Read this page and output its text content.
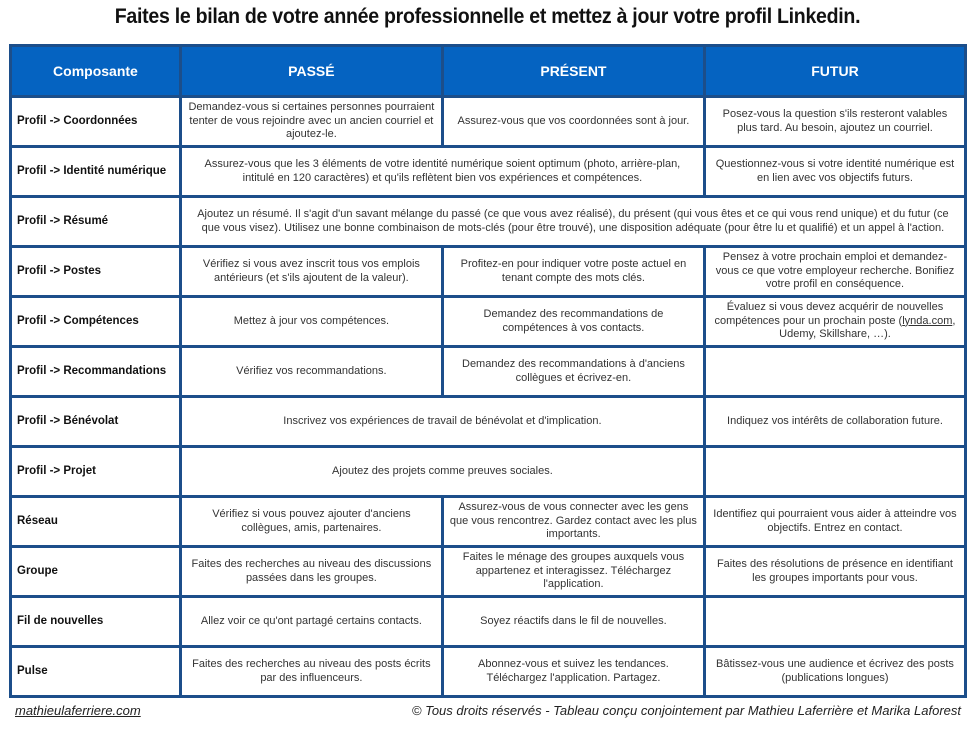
Faites le bilan de votre année professionnelle et mettez à jour votre profil Linkedin.
Composante	PASSÉ	PRÉSENT	FUTUR
Profil -> Coordonnées	Demandez-vous si certaines personnes pourraient tenter de vous rejoindre avec un ancien courriel et ajoutez-le.	Assurez-vous que vos coordonnées sont à jour.	Posez-vous la question s'ils resteront valables plus tard. Au besoin, ajoutez un courriel.
Profil -> Identité numérique	Assurez-vous que les 3 éléments de votre identité numérique soient optimum (photo, arrière-plan, intitulé en 120 caractères) et qu'ils reflètent bien vos expériences et compétences.		Questionnez-vous si votre identité numérique est en lien avec vos objectifs futurs.
Profil -> Résumé	Ajoutez un résumé. Il s'agit d'un savant mélange du passé (ce que vous avez réalisé), du présent (qui vous êtes et ce qui vous rend unique) et du futur (ce que vous visez). Utilisez une bonne combinaison de mots-clés (pour être trouvé), une disposition adéquate (pour être lu et qualifié) et un appel à l'action.		
Profil -> Postes	Vérifiez si vous avez inscrit tous vos emplois antérieurs (et s'ils ajoutent de la valeur).	Profitez-en pour indiquer votre poste actuel en tenant compte des mots clés.	Pensez à votre prochain emploi et demandez-vous ce que votre employeur recherche. Bonifiez votre profil en conséquence.
Profil -> Compétences	Mettez à jour vos compétences.	Demandez des recommandations de compétences à vos contacts.	Évaluez si vous devez acquérir de nouvelles compétences pour un prochain poste (lynda.com, Udemy, Skillshare, …).
Profil -> Recommandations	Vérifiez vos recommandations.	Demandez des recommandations à d'anciens collègues et écrivez-en.	
Profil -> Bénévolat	Inscrivez vos expériences de travail de bénévolat et d'implication.		Indiquez vos intérêts de collaboration future.
Profil -> Projet	Ajoutez des projets comme preuves sociales.		
Réseau	Vérifiez si vous pouvez ajouter d'anciens collègues, amis, partenaires.	Assurez-vous de vous connecter avec les gens que vous rencontrez. Gardez contact avec les plus importants.	Identifiez qui pourraient vous aider à atteindre vos objectifs. Entrez en contact.
Groupe	Faites des recherches au niveau des discussions passées dans les groupes.	Faites le ménage des groupes auxquels vous appartenez et interagissez. Téléchargez l'application.	Faites des résolutions de présence en identifiant les groupes importants pour vous.
Fil de nouvelles	Allez voir ce qu'ont partagé certains contacts.	Soyez réactifs dans le fil de nouvelles.	
Pulse	Faites des recherches au niveau des posts écrits par des influenceurs.	Abonnez-vous et suivez les tendances. Téléchargez l'application. Partagez.	Bâtissez-vous une audience et écrivez des posts (publications longues)
mathieulaferriere.com	© Tous droits réservés - Tableau conçu conjointement par Mathieu Laferrière et Marika Laforest
